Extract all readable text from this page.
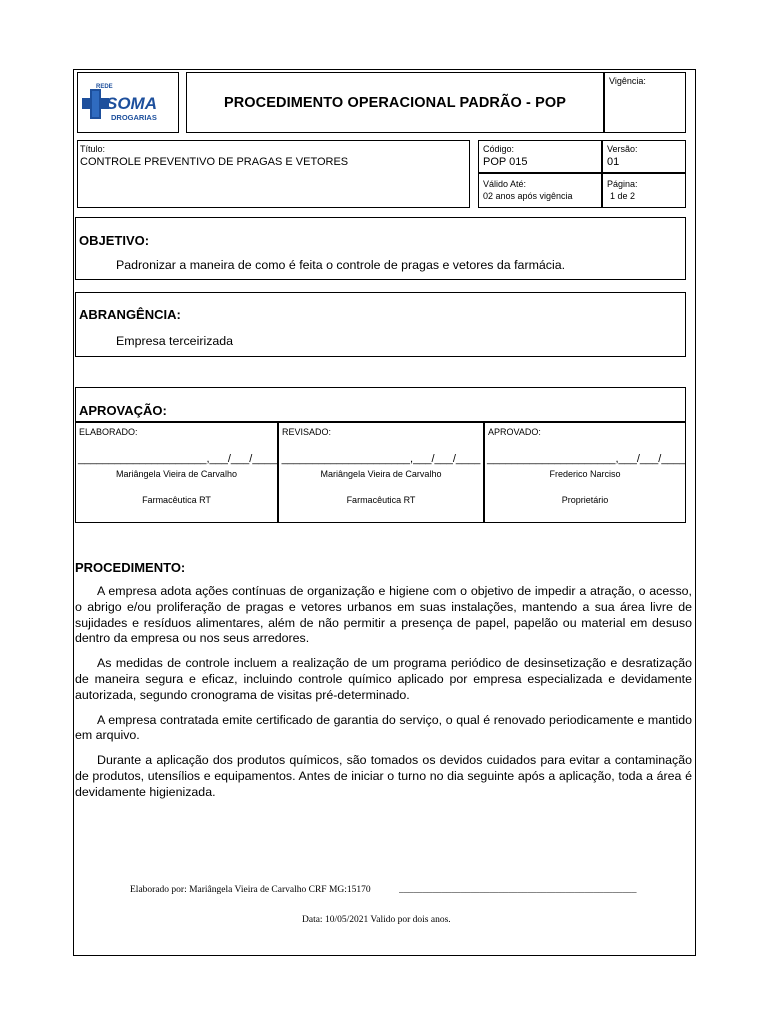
REDE
SOMA
DROGARIAS
PROCEDIMENTO OPERACIONAL PADRÃO - POP
Vigência:
Título:
CONTROLE PREVENTIVO DE PRAGAS E VETORES
Código:
POP 015
Versão:
01
Válido Até:
02 anos após vigência
Página:
1 de 2
OBJETIVO:
Padronizar a maneira de como é feita o controle de pragas e vetores da farmácia.
ABRANGÊNCIA:
Empresa terceirizada
APROVAÇÃO:
ELABORADO:
_____________________,___/___/____
Mariângela Vieira de Carvalho
Farmacêutica RT
REVISADO:
_____________________,___/___/____
Mariângela Vieira de Carvalho
Farmacêutica RT
APROVADO:
_____________________,___/___/____
Frederico Narciso
Proprietário
PROCEDIMENTO:

A empresa adota ações contínuas de organização e higiene com o objetivo de impedir a atração, o acesso, o abrigo e/ou proliferação de pragas e vetores urbanos em suas instalações, mantendo a sua área livre de sujidades e resíduos alimentares, além de não permitir a presença de papel, papelão ou material em desuso dentro da empresa ou nos seus arredores.

As medidas de controle incluem a realização de um programa periódico de desinsetização e desratização de maneira segura e eficaz, incluindo controle químico aplicado por empresa especializada e devidamente autorizada, segundo cronograma de visitas pré-determinado.

A empresa contratada emite certificado de garantia do serviço, o qual é renovado periodicamente e mantido em arquivo.

Durante a aplicação dos produtos químicos, são tomados os devidos cuidados para evitar a contaminação de produtos, utensílios e equipamentos. Antes de iniciar o turno no dia seguinte após a aplicação, toda a área é devidamente higienizada.

Elaborado por: Mariângela Vieira de Carvalho CRF MG:15170	__________________________________________________
Data: 10/05/2021 Valido por dois anos.
